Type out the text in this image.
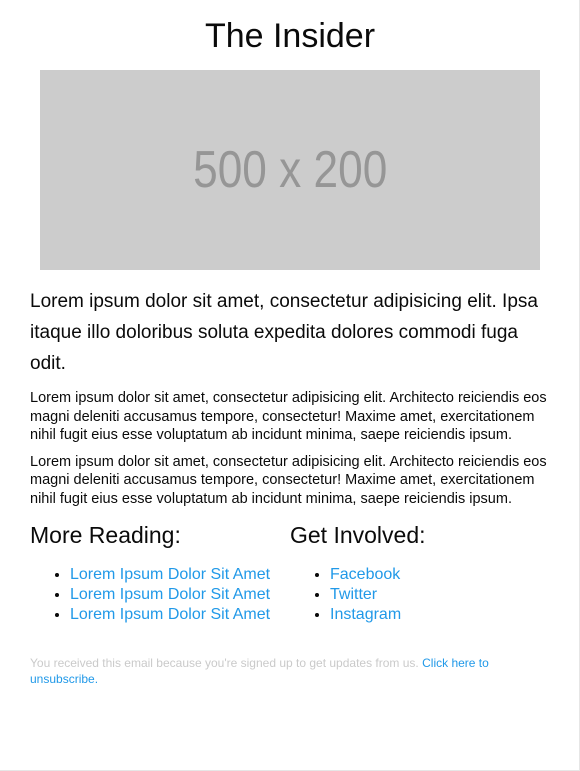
The Insider
500 x 200

Lorem ipsum dolor sit amet, consectetur adipisicing elit. Ipsa itaque illo doloribus soluta expedita dolores commodi fuga odit.

Lorem ipsum dolor sit amet, consectetur adipisicing elit. Architecto reiciendis eos magni deleniti accusamus tempore, consectetur! Maxime amet, exercitationem nihil fugit eius esse voluptatum ab incidunt minima, saepe reiciendis ipsum.

Lorem ipsum dolor sit amet, consectetur adipisicing elit. Architecto reiciendis eos magni deleniti accusamus tempore, consectetur! Maxime amet, exercitationem nihil fugit eius esse voluptatum ab incidunt minima, saepe reiciendis ipsum.

More Reading:
• Lorem Ipsum Dolor Sit Amet
• Lorem Ipsum Dolor Sit Amet
• Lorem Ipsum Dolor Sit Amet
Get Involved:
• Facebook
• Twitter
• Instagram
You received this email because you're signed up to get updates from us. Click here to unsubscribe.
